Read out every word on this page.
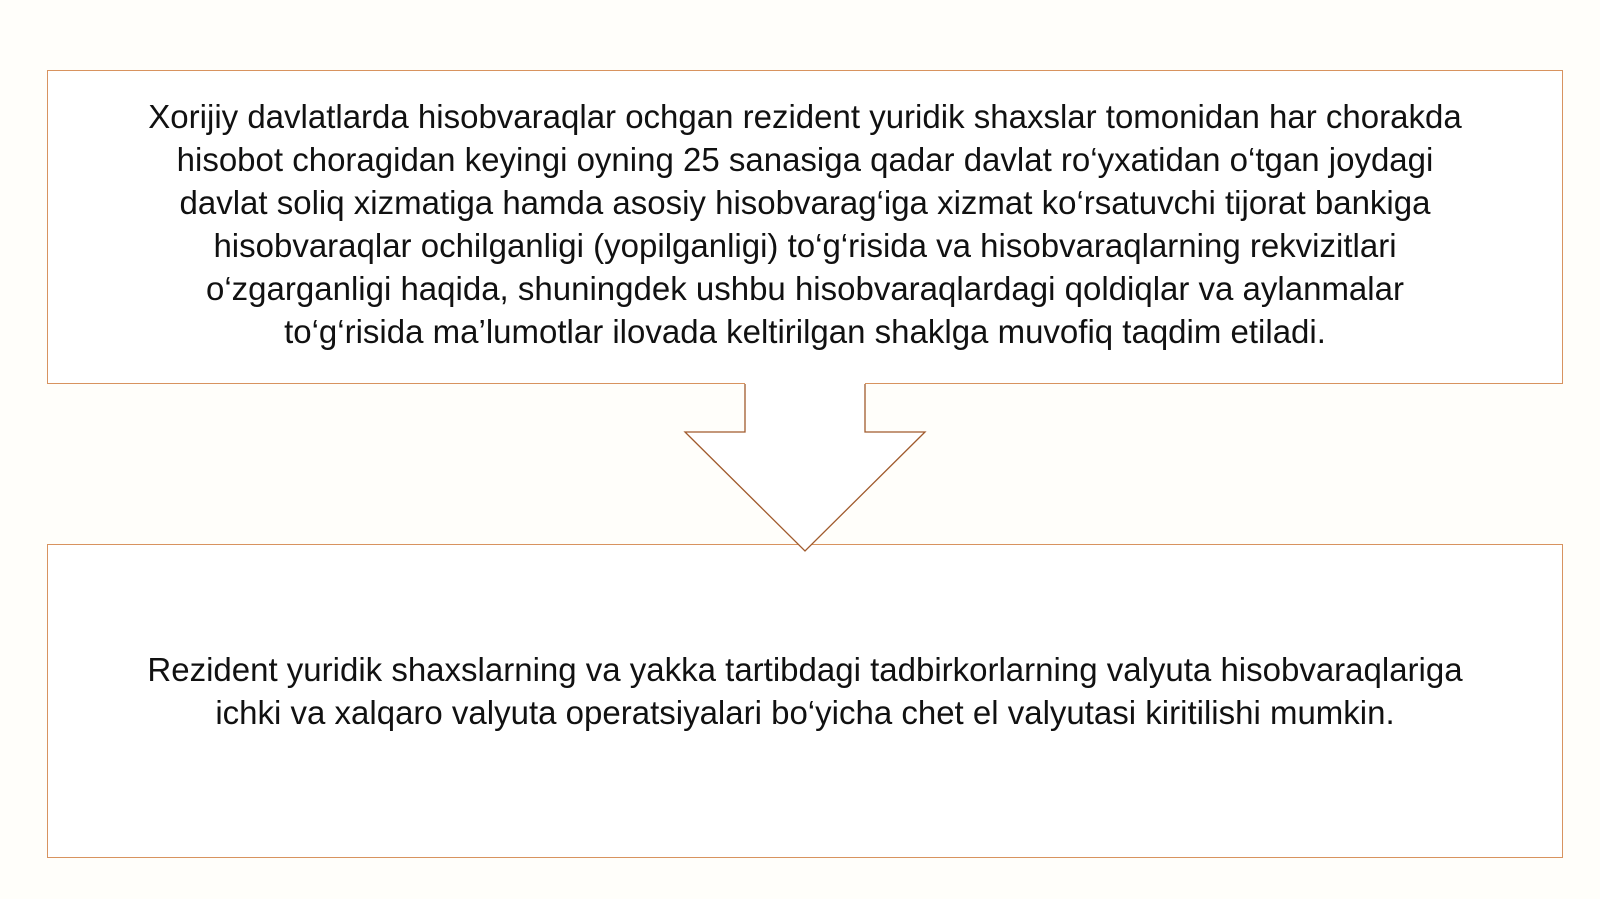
Xorijiy davlatlarda hisobvaraqlar ochgan rezident yuridik shaxslar tomonidan har chorakda
hisobot choragidan keyingi oyning 25 sanasiga qadar davlat ro‘yxatidan o‘tgan joydagi
davlat soliq xizmatiga hamda asosiy hisobvarag‘iga xizmat ko‘rsatuvchi tijorat bankiga
hisobvaraqlar ochilganligi (yopilganligi) to‘g‘risida va hisobvaraqlarning rekvizitlari
o‘zgarganligi haqida, shuningdek ushbu hisobvaraqlardagi qoldiqlar va aylanmalar
to‘g‘risida ma’lumotlar ilovada keltirilgan shaklga muvofiq taqdim etiladi.
Rezident yuridik shaxslarning va yakka tartibdagi tadbirkorlarning valyuta hisobvaraqlariga
ichki va xalqaro valyuta operatsiyalari bo‘yicha chet el valyutasi kiritilishi mumkin.
